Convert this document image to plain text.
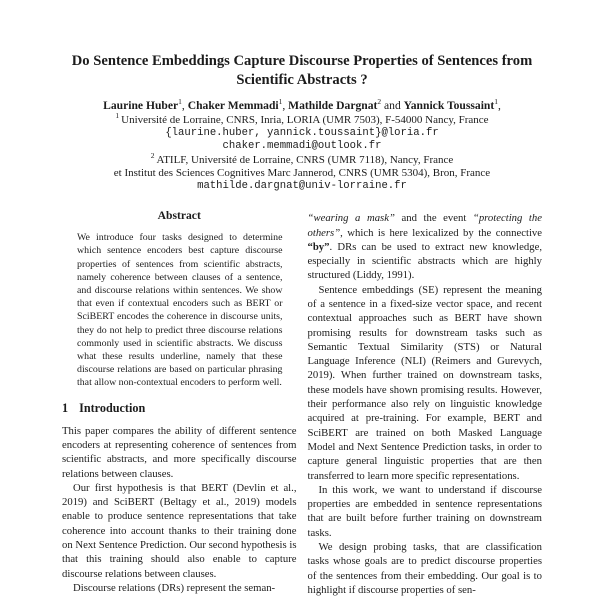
Do Sentence Embeddings Capture Discourse Properties of Sentences from Scientific Abstracts ?
Laurine Huber$^1$, Chaker Memmadi$^1$, Mathilde Dargnat$^2$ and Yannick Toussaint$^1$,
$^1$ Université de Lorraine, CNRS, Inria, LORIA (UMR 7503), F-54000 Nancy, France
{laurine.huber, yannick.toussaint}@loria.fr
chaker.memmadi@outlook.fr
$^2$ ATILF, Université de Lorraine, CNRS (UMR 7118), Nancy, France
et Institut des Sciences Cognitives Marc Jannerod, CNRS (UMR 5304), Bron, France
mathilde.dargnat@univ-lorraine.fr
Abstract

We introduce four tasks designed to determine which sentence encoders best capture discourse properties of sentences from scientific abstracts, namely coherence between clauses of a sentence, and discourse relations within sentences. We show that even if contextual encoders such as BERT or SciBERT encodes the coherence in discourse units, they do not help to predict three discourse relations commonly used in scientific abstracts. We discuss what these results underline, namely that these discourse relations are based on particular phrasing that allow non-contextual encoders to perform well.

1 Introduction

This paper compares the ability of different sentence encoders at representing coherence of sentences from scientific abstracts, and more specifically discourse relations between clauses.

Our first hypothesis is that BERT (Devlin et al., 2019) and SciBERT (Beltagy et al., 2019) models enable to produce sentence representations that take coherence into account thanks to their training done on Next Sentence Prediction. Our second hypothesis is that this training should also enable to capture discourse relations between clauses.

Discourse relations (DRs) represent the seman-

“wearing a mask” and the event “protecting the others”, which is here lexicalized by the connective “by”. DRs can be used to extract new knowledge, especially in scientific abstracts which are highly structured (Liddy, 1991).

Sentence embeddings (SE) represent the meaning of a sentence in a fixed-size vector space, and recent contextual approaches such as BERT have shown promising results for downstream tasks such as Semantic Textual Similarity (STS) or Natural Language Inference (NLI) (Reimers and Gurevych, 2019). When further trained on downstream tasks, these models have shown promising results. However, their performance also rely on linguistic knowledge acquired at pre-training. For example, BERT and SciBERT are trained on both Masked Language Model and Next Sentence Prediction tasks, in order to capture general linguistic properties that are then transferred to learn more specific representations.

In this work, we want to understand if discourse properties are embedded in sentence representations that are built before further training on downstream tasks.

We design probing tasks, that are classification tasks whose goals are to predict discourse properties of the sentences from their embedding. Our goal is to highlight if discourse properties of sen-
